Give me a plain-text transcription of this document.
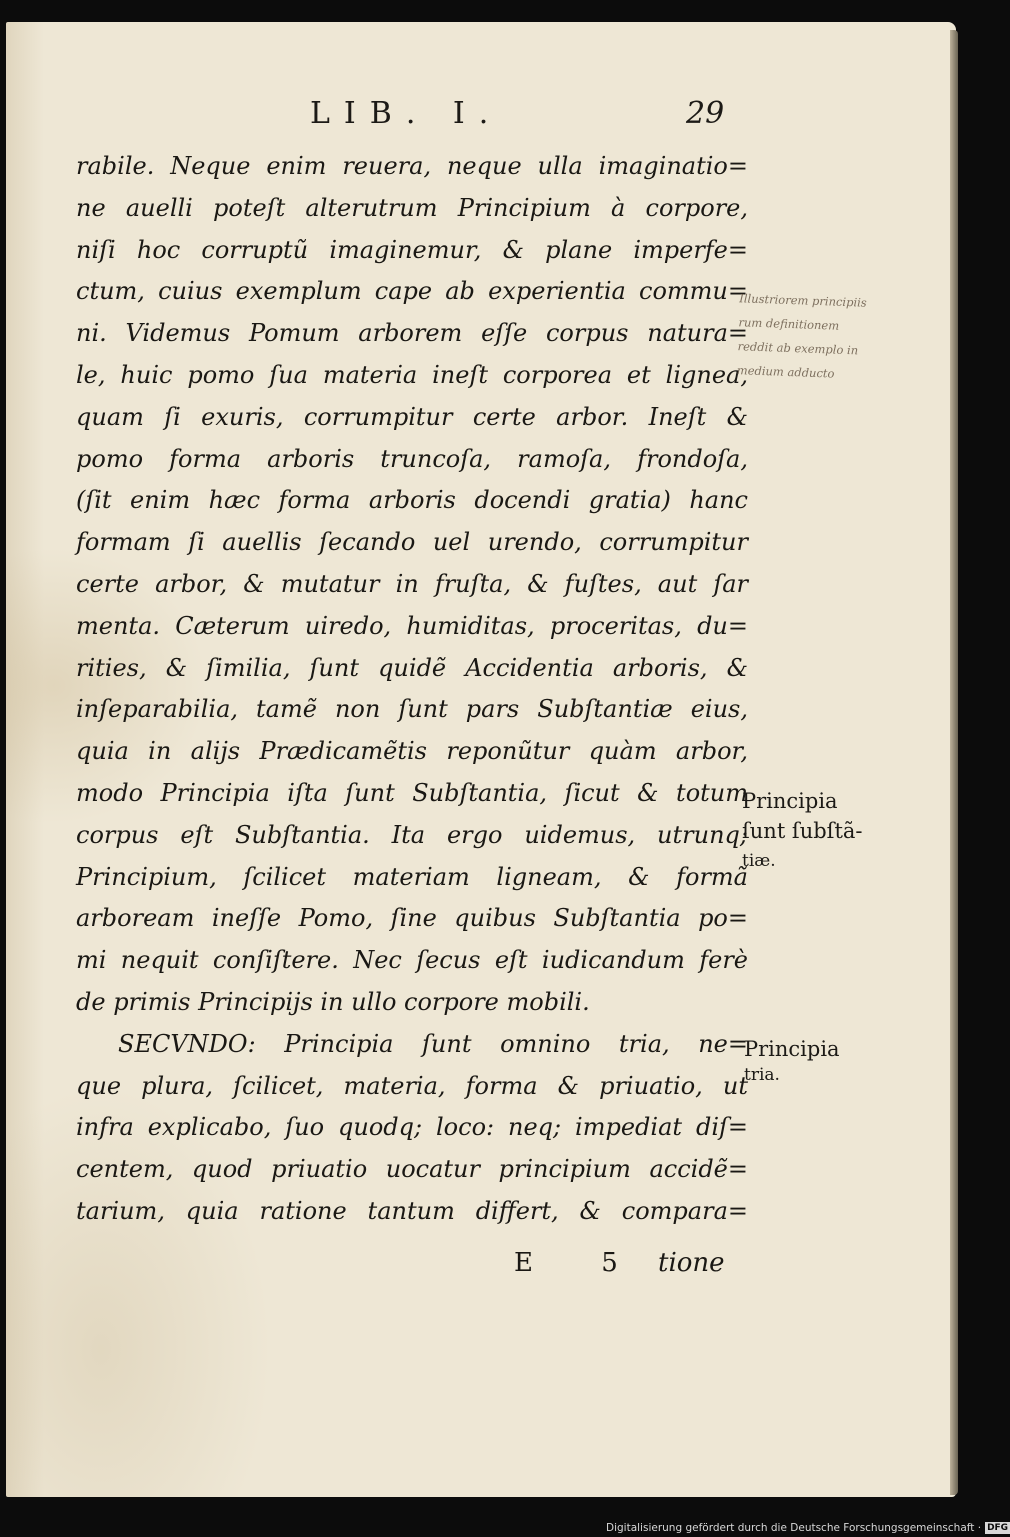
LIB. I.	29
rabile. Neque enim reuera, neque ulla imaginatio=
ne auelli poteſt alterutrum Principium à corpore,
niſi hoc corruptũ imaginemur, & plane imperfe=
ctum, cuius exemplum cape ab experientia commu=
ni. Videmus Pomum arborem eſſe corpus natura=
le, huic pomo ſua materia ineſt corporea et lignea,
quam ſi exuris, corrumpitur certe arbor. Ineſt &
pomo forma arboris truncoſa, ramoſa, frondoſa,
(ſit enim hæc forma arboris docendi gratia) hanc
formam ſi auellis ſecando uel urendo, corrumpitur
certe arbor, & mutatur in fruſta, & fuſtes, aut ſar
menta. Cæterum uiredo, humiditas, proceritas, du=
rities, & ſimilia, ſunt quidẽ Accidentia arboris, &
inſeparabilia, tamẽ non ſunt pars Subſtantiæ eius,
quia in alijs Prædicamẽtis reponũtur quàm arbor,
modo Principia iſta ſunt Subſtantia, ſicut & totum
corpus eſt Subſtantia. Ita ergo uidemus, utrunq;
Principium, ſcilicet materiam ligneam, & formã
arboream ineſſe Pomo, ſine quibus Subſtantia po=
mi nequit conſiſtere. Nec ſecus eſt iudicandum ferè
de primis Principijs in ullo corpore mobili.
SECVNDO: Principia ſunt omnino tria, ne=
que plura, ſcilicet, materia, forma & priuatio, ut
infra explicabo, ſuo quodq; loco: neq; impediat diſ=
centem, quod priuatio uocatur principium accidẽ=
tarium, quia ratione tantum differt, & compara=
Principia
ſunt ſubſtã-
tiæ.
Principia
tria.
Illustriorem principiis
rum definitionem
reddit ab exemplo in
medium adducto
E 5 tione
Digitalisierung gefördert durch die Deutsche Forschungsgemeinschaft · DFG
